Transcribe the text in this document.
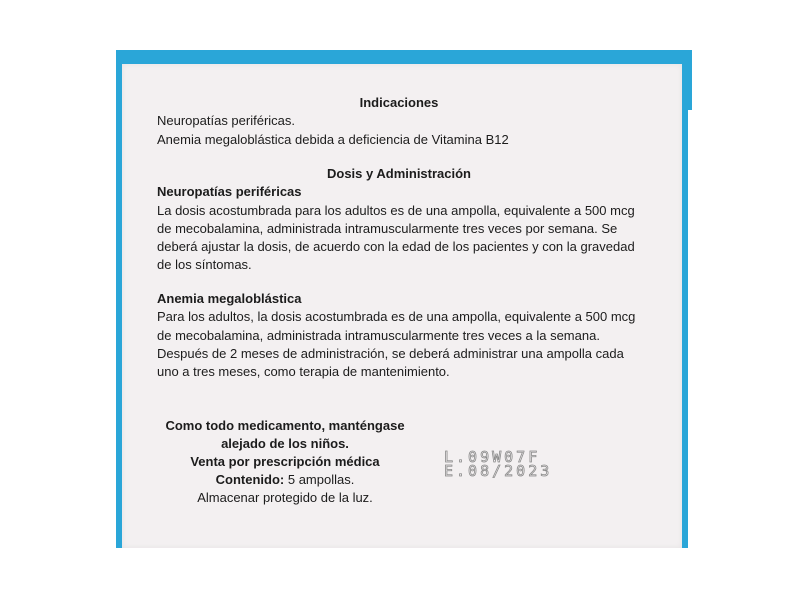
Indicaciones
Neuropatías periféricas.
Anemia megaloblástica debida a deficiencia de Vitamina B12
Dosis y Administración
Neuropatías periféricas
La dosis acostumbrada para los adultos es de una ampolla, equivalente a 500 mcg
de mecobalamina, administrada intramuscularmente tres veces por semana. Se
deberá ajustar la dosis, de acuerdo con la edad de los pacientes y con la gravedad
de los síntomas.
Anemia megaloblástica
Para los adultos, la dosis acostumbrada es de una ampolla, equivalente a 500 mcg
de mecobalamina, administrada intramuscularmente tres veces a la semana.
Después de 2 meses de administración, se deberá administrar una ampolla cada
uno a tres meses, como terapia de mantenimiento.
Como todo medicamento, manténgase
alejado de los niños.
Venta por prescripción médica
Contenido: 5 ampollas.
Almacenar protegido de la luz.
L.09W07F
E.08/2023
